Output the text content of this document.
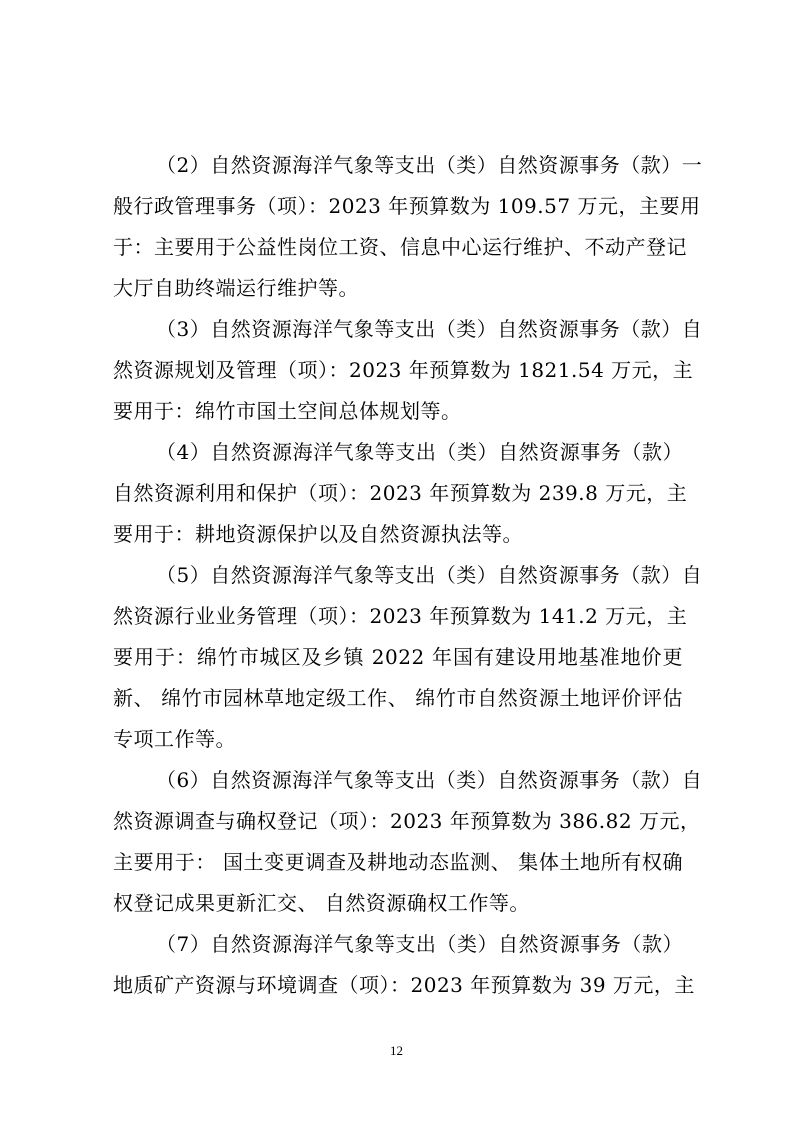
（2）自然资源海洋气象等支出（类）自然资源事务（款）一
般行政管理事务（项）：2023 年预算数为 109.57 万元，主要用
于：主要用于公益性岗位工资、信息中心运行维护、不动产登记
大厅自助终端运行维护等。
（3）自然资源海洋气象等支出（类）自然资源事务（款）自
然资源规划及管理（项）：2023 年预算数为 1821.54 万元，主
要用于：绵竹市国土空间总体规划等。
（4）自然资源海洋气象等支出（类）自然资源事务（款）
自然资源利用和保护（项）：2023 年预算数为 239.8 万元，主
要用于：耕地资源保护以及自然资源执法等。
（5）自然资源海洋气象等支出（类）自然资源事务（款）自
然资源行业业务管理（项）：2023 年预算数为 141.2 万元，主
要用于：绵竹市城区及乡镇 2022 年国有建设用地基准地价更
新、 绵竹市园林草地定级工作、 绵竹市自然资源土地评价评估
专项工作等。
（6）自然资源海洋气象等支出（类）自然资源事务（款）自
然资源调查与确权登记（项）：2023 年预算数为 386.82 万元，
主要用于： 国土变更调查及耕地动态监测、 集体土地所有权确
权登记成果更新汇交、 自然资源确权工作等。
（7）自然资源海洋气象等支出（类）自然资源事务（款）
地质矿产资源与环境调查（项）：2023 年预算数为 39 万元，主
12
